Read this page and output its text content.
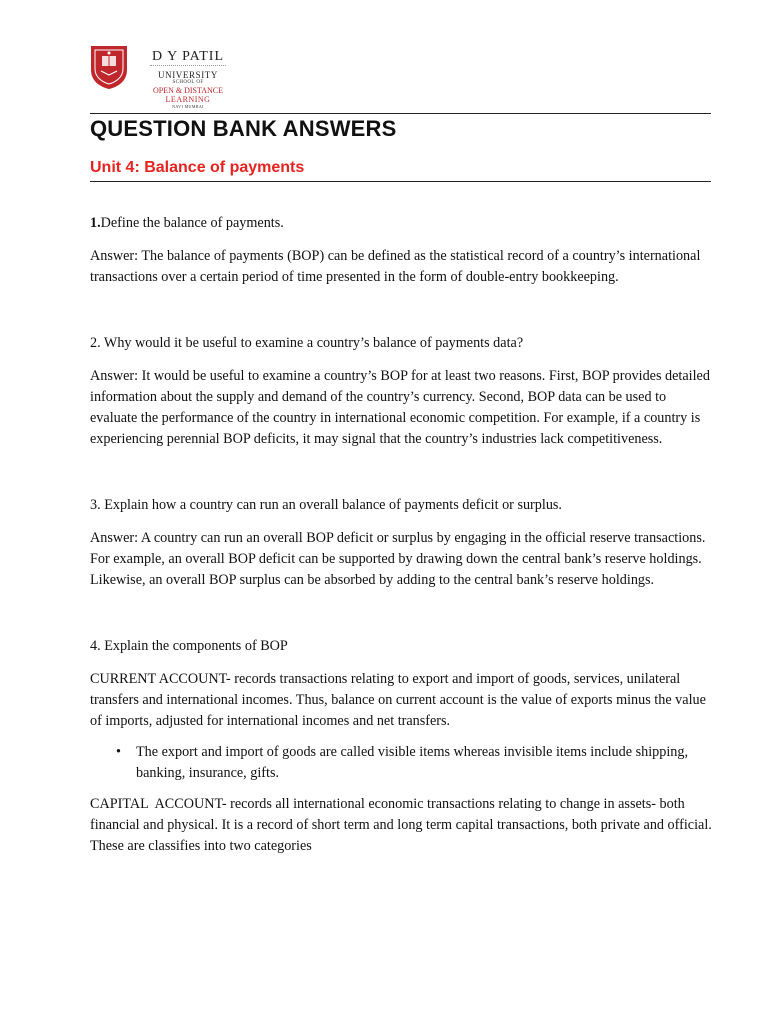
D Y PATIL
UNIVERSITY
SCHOOL OF
OPEN & DISTANCE
LEARNING
NAVI MUMBAI
QUESTION BANK ANSWERS
Unit 4: Balance of payments

1.Define the balance of payments.

Answer: The balance of payments (BOP) can be defined as the statistical record of a country’s international transactions over a certain period of time presented in the form of double-entry bookkeeping.

2. Why would it be useful to examine a country’s balance of payments data?

Answer: It would be useful to examine a country’s BOP for at least two reasons. First, BOP provides detailed information about the supply and demand of the country’s currency. Second, BOP data can be used to evaluate the performance of the country in international economic competition. For example, if a country is experiencing perennial BOP deficits, it may signal that the country’s industries lack competitiveness.

3. Explain how a country can run an overall balance of payments deficit or surplus.

Answer: A country can run an overall BOP deficit or surplus by engaging in the official reserve transactions. For example, an overall BOP deficit can be supported by drawing down the central bank’s reserve holdings. Likewise, an overall BOP surplus can be absorbed by adding to the central bank’s reserve holdings.

4. Explain the components of BOP

CURRENT ACCOUNT- records transactions relating to export and import of goods, services, unilateral transfers and international incomes. Thus, balance on current account is the value of exports minus the value of imports, adjusted for international incomes and net transfers.

• The export and import of goods are called visible items whereas invisible items include shipping, banking, insurance, gifts.

CAPITAL  ACCOUNT- records all international economic transactions relating to change in assets- both financial and physical. It is a record of short term and long term capital transactions, both private and official. These are classifies into two categories
